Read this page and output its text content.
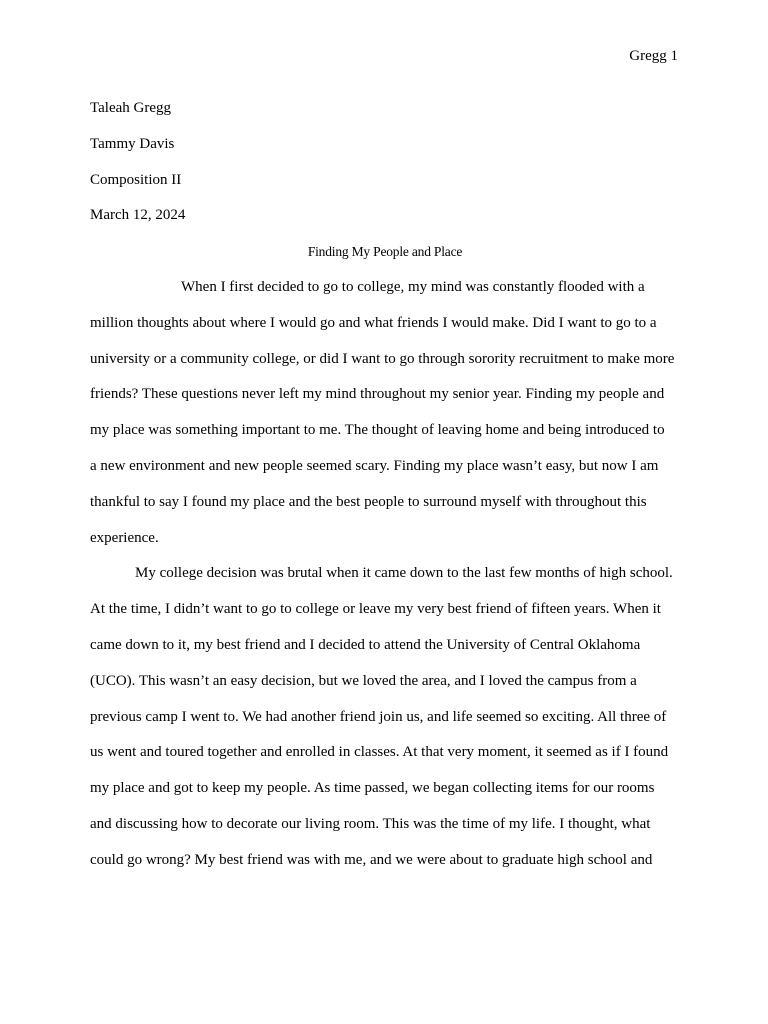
Gregg 1
Taleah Gregg
Tammy Davis
Composition II
March 12, 2024
Finding My People and Place

When I first decided to go to college, my mind was constantly flooded with a
million thoughts about where I would go and what friends I would make. Did I want to go to a
university or a community college, or did I want to go through sorority recruitment to make more
friends? These questions never left my mind throughout my senior year. Finding my people and
my place was something important to me. The thought of leaving home and being introduced to
a new environment and new people seemed scary. Finding my place wasn’t easy, but now I am
thankful to say I found my place and the best people to surround myself with throughout this
experience.

My college decision was brutal when it came down to the last few months of high school.
At the time, I didn’t want to go to college or leave my very best friend of fifteen years. When it
came down to it, my best friend and I decided to attend the University of Central Oklahoma
(UCO). This wasn’t an easy decision, but we loved the area, and I loved the campus from a
previous camp I went to. We had another friend join us, and life seemed so exciting. All three of
us went and toured together and enrolled in classes. At that very moment, it seemed as if I found
my place and got to keep my people. As time passed, we began collecting items for our rooms
and discussing how to decorate our living room. This was the time of my life. I thought, what
could go wrong? My best friend was with me, and we were about to graduate high school and
